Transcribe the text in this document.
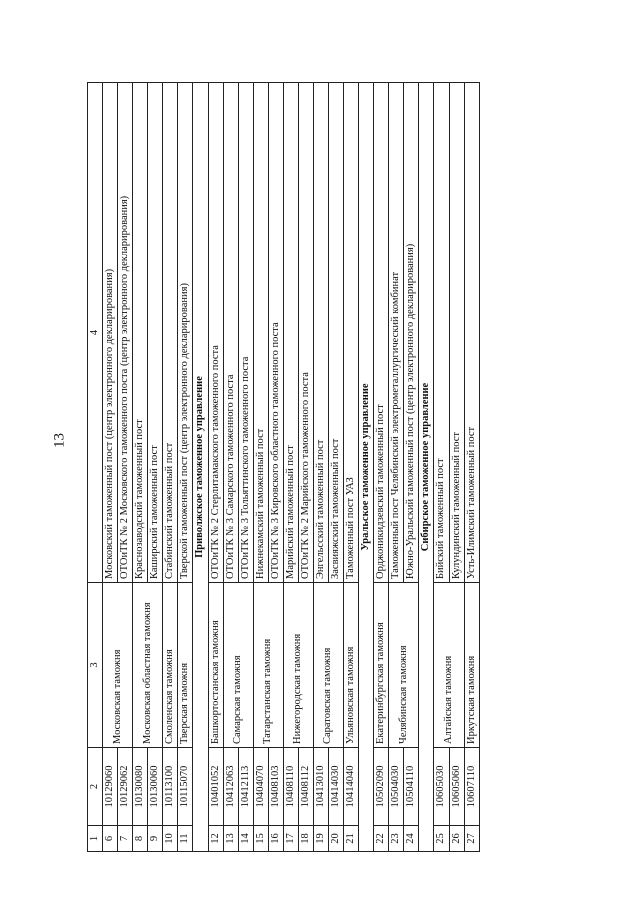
13
1	2	3	4
6	10129060	Московская таможня	Московский таможенный пост (центр электронного декларирования)
7	10129062		ОТОиТК № 2 Московского таможенного поста (центр электронного декларирования)
8	10130080	Московская областная таможня	Краснозаводский таможенный пост
9	10130060		Каширский таможенный пост
10	10113100	Смоленская таможня	Стабинский таможенный пост
11	10115070	Тверская таможня	Тверской таможенный пост (центр электронного декларирования)
Приволжское таможенное управление			
12	10401052	Башкортостанская таможня	ОТОиТК № 2 Стерлитамакского таможенного поста
13	10412063	Самарская таможня	ОТОиТК № 3 Самарского таможенного поста
14	10412113		ОТОиТК № 3 Тольяттинского таможенного поста
15	10404070	Татарстанская таможня	Нижнекамский таможенный пост
16	10408103		ОТОиТК № 3 Кировского областного таможенного поста
17	10408110	Нижегородская таможня	Марийский таможенный пост
18	10408112		ОТОиТК № 2 Марийского таможенного поста
19	10413010	Саратовская таможня	Энгельсский таможенный пост
20	10414030		Засвияжский таможенный пост
21	10414040	Ульяновская таможня	Таможенный пост УАЗ
Уральское таможенное управление			
22	10502090	Екатеринбургская таможня	Орджоникидзевский таможенный пост
23	10504030	Челябинская таможня	Таможенный пост Челябинский электрометаллургический комбинат
24	10504110		Южно-Уральский таможенный пост (центр электронного декларирования)
Сибирское таможенное управление			
25	10605030	Алтайская таможня	Бийский таможенный пост
26	10605060		Кулундинский таможенный пост
27	10607110	Иркутская таможня	Усть-Илимский таможенный пост
